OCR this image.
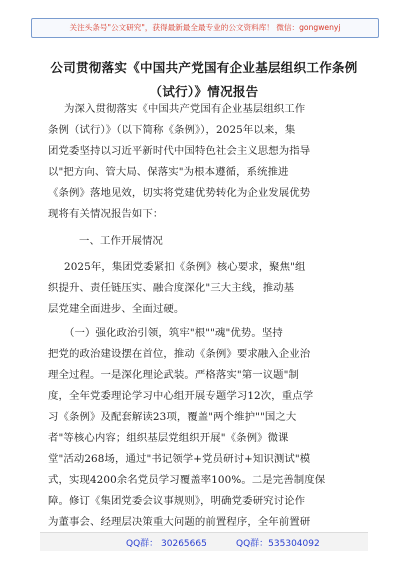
关注头条号"公文研究"，获得最新最全最专业的公文资料库！ 微信：gongwenyj
公司贯彻落实《中国共产党国有企业基层组织工作条例
（试行）》情况报告
为深入贯彻落实《中国共产党国有企业基层组织工作
条例（试行）》（以下简称《条例》），2025年以来，集
团党委坚持以习近平新时代中国特色社会主义思想为指导
以"把方向、管大局、保落实"为根本遵循，系统推进
《条例》落地见效，切实将党建优势转化为企业发展优势
现将有关情况报告如下：
一、工作开展情况
2025年，集团党委紧扣《条例》核心要求，聚焦"组
织提升、责任链压实、融合度深化"三大主线，推动基
层党建全面进步、全面过硬。
（一）强化政治引领，筑牢"根""魂"优势。坚持
把党的政治建设摆在首位，推动《条例》要求融入企业治
理全过程。一是深化理论武装。严格落实"第一议题"制
度，全年党委理论学习中心组开展专题学习12次，重点学
习《条例》及配套解读23项，覆盖"两个维护""国之大
者"等核心内容；组织基层党组织开展"《条例》微课
堂"活动268场，通过"书记领学+党员研讨+知识测试"模
式，实现4200余名党员学习覆盖率100%。二是完善制度保
障。修订《集团党委会议事规则》，明确党委研究讨论作
为董事会、经理层决策重大问题的前置程序，全年前置研
QQ群： 30265665	QQ群：535304092
